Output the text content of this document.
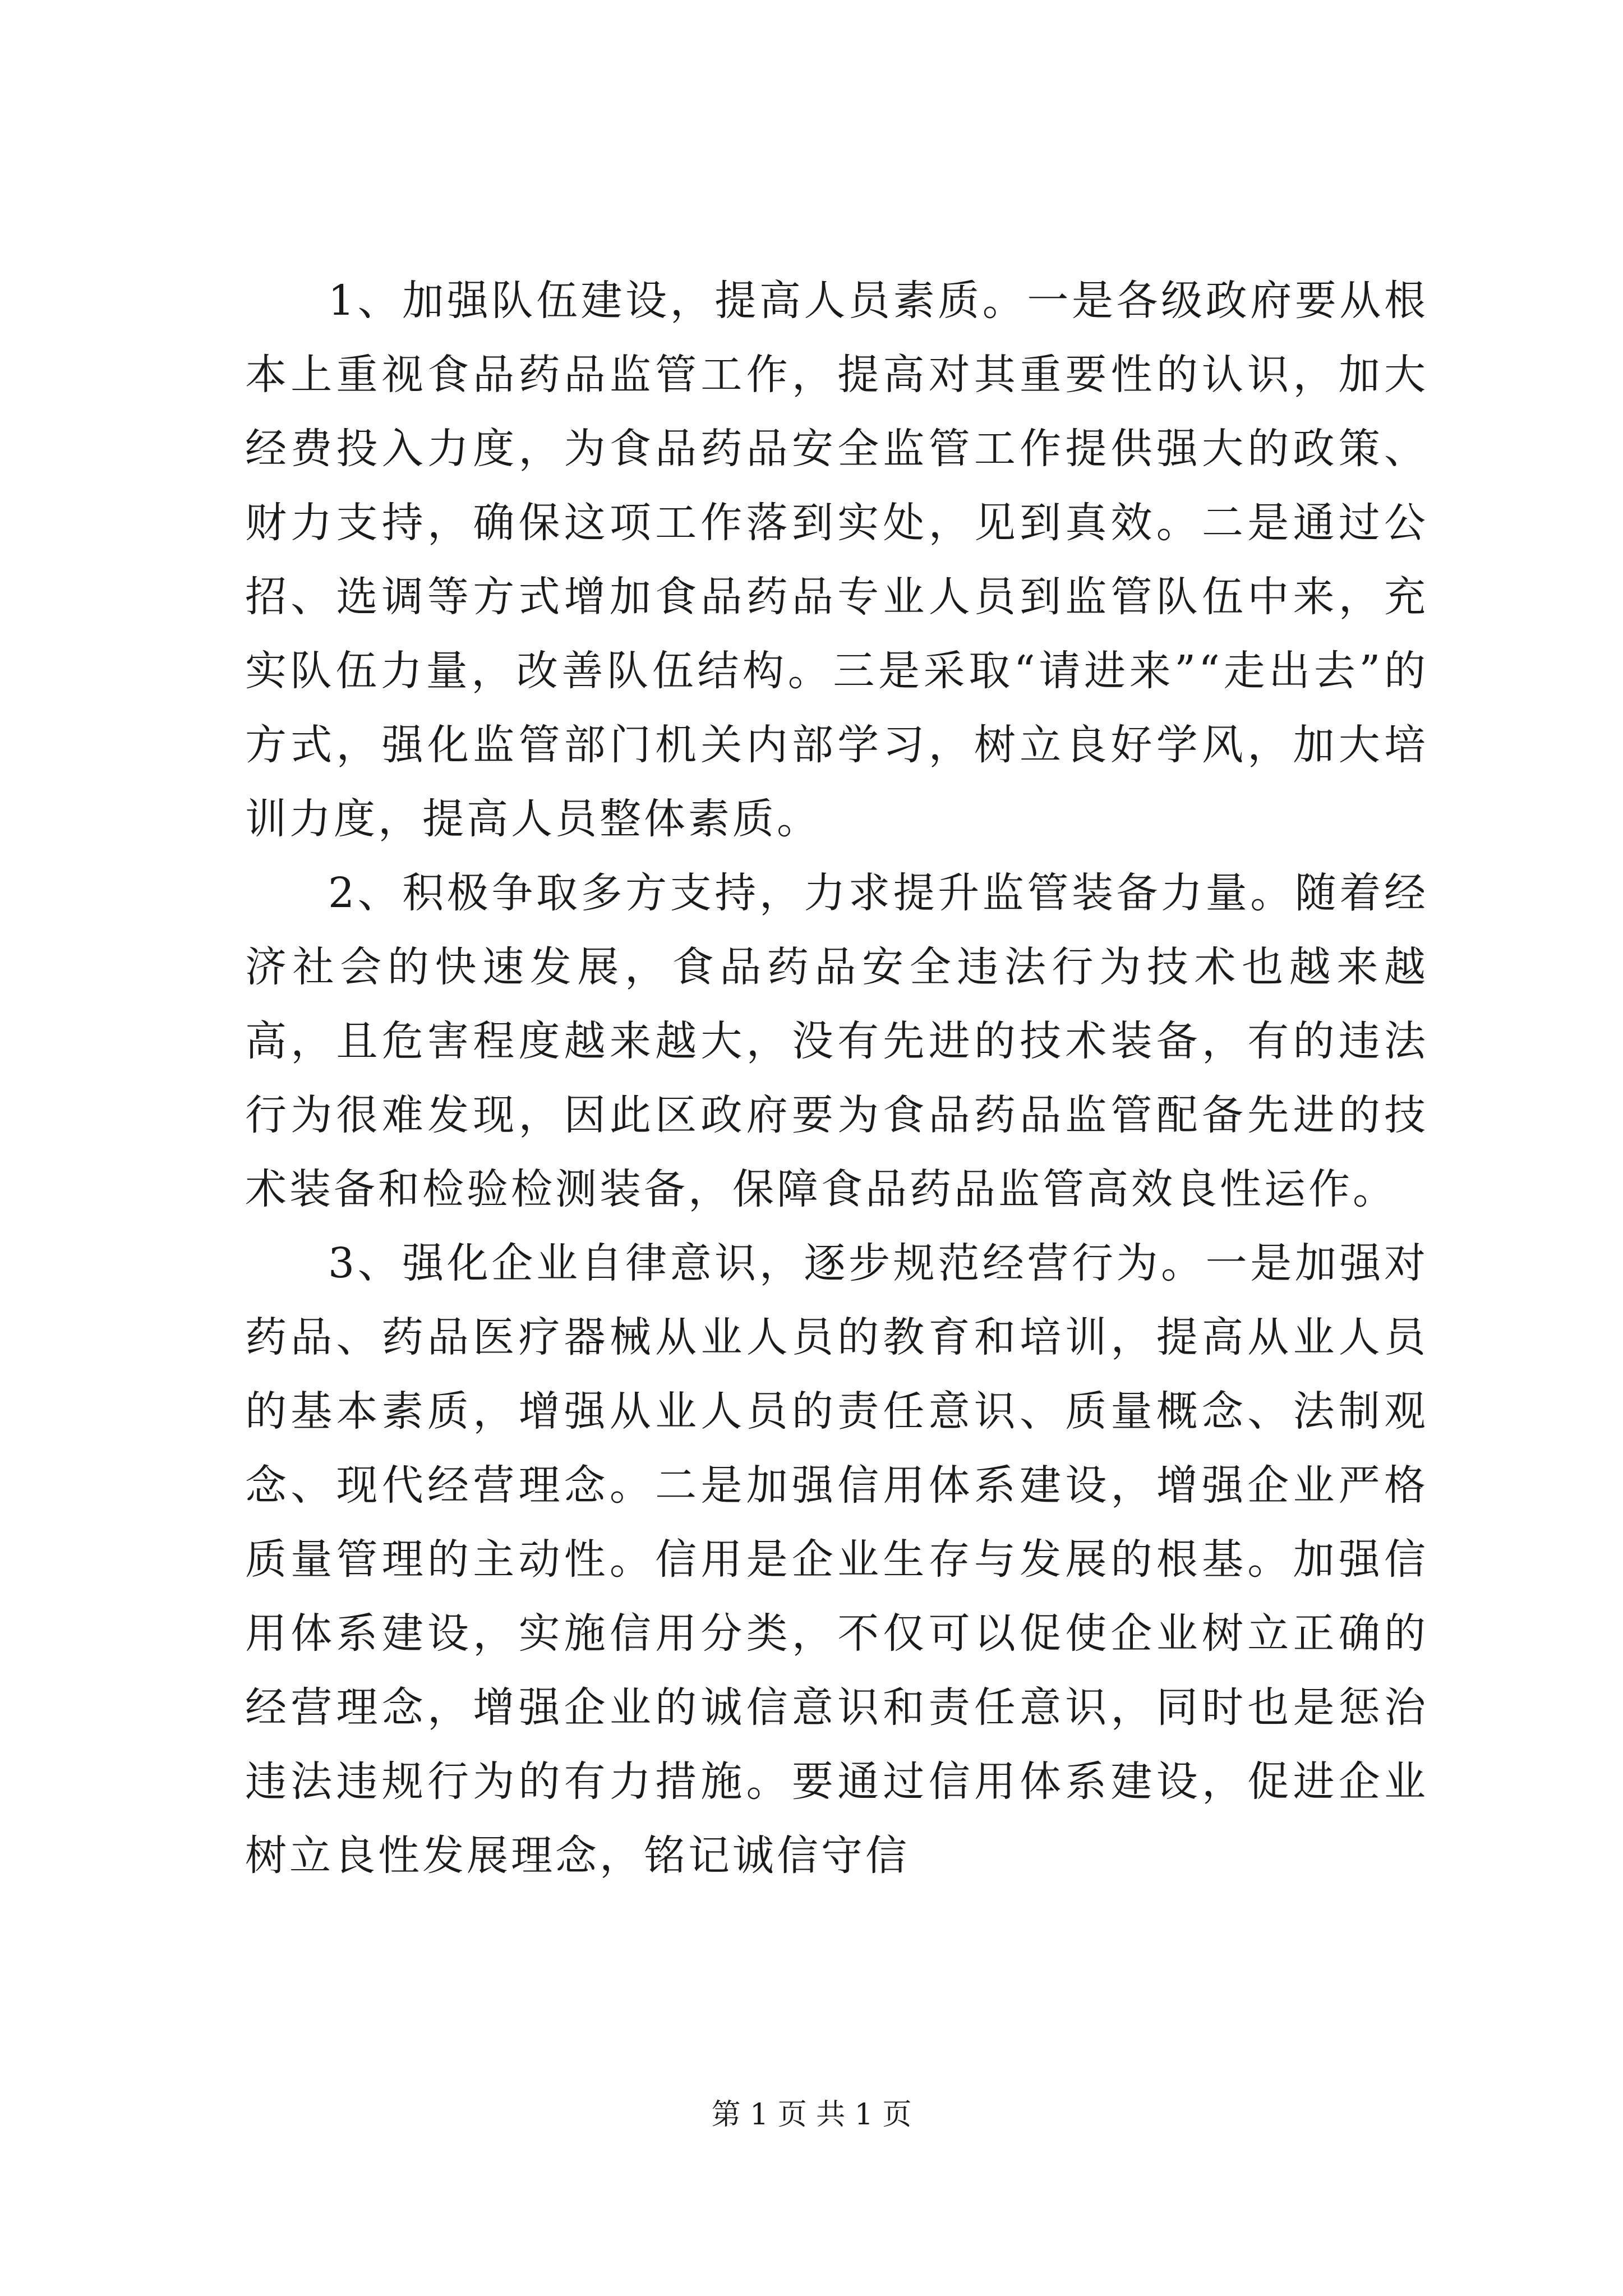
1、加强队伍建设，提高人员素质。一是各级政府要从根本上重视食品药品监管工作，提高对其重要性的认识，加大经费投入力度，为食品药品安全监管工作提供强大的政策、财力支持，确保这项工作落到实处，见到真效。二是通过公招、选调等方式增加食品药品专业人员到监管队伍中来，充实队伍力量，改善队伍结构。三是采取“请进来”“走出去”的方式，强化监管部门机关内部学习，树立良好学风，加大培训力度，提高人员整体素质。

2、积极争取多方支持，力求提升监管装备力量。随着经济社会的快速发展，食品药品安全违法行为技术也越来越高，且危害程度越来越大，没有先进的技术装备，有的违法行为很难发现，因此区政府要为食品药品监管配备先进的技术装备和检验检测装备，保障食品药品监管高效良性运作。

3、强化企业自律意识，逐步规范经营行为。一是加强对药品、药品医疗器械从业人员的教育和培训，提高从业人员的基本素质，增强从业人员的责任意识、质量概念、法制观念、现代经营理念。二是加强信用体系建设，增强企业严格质量管理的主动性。信用是企业生存与发展的根基。加强信用体系建设，实施信用分类，不仅可以促使企业树立正确的经营理念，增强企业的诚信意识和责任意识，同时也是惩治违法违规行为的有力措施。要通过信用体系建设，促进企业树立良性发展理念，铭记诚信守信

第 1 页 共 1 页
